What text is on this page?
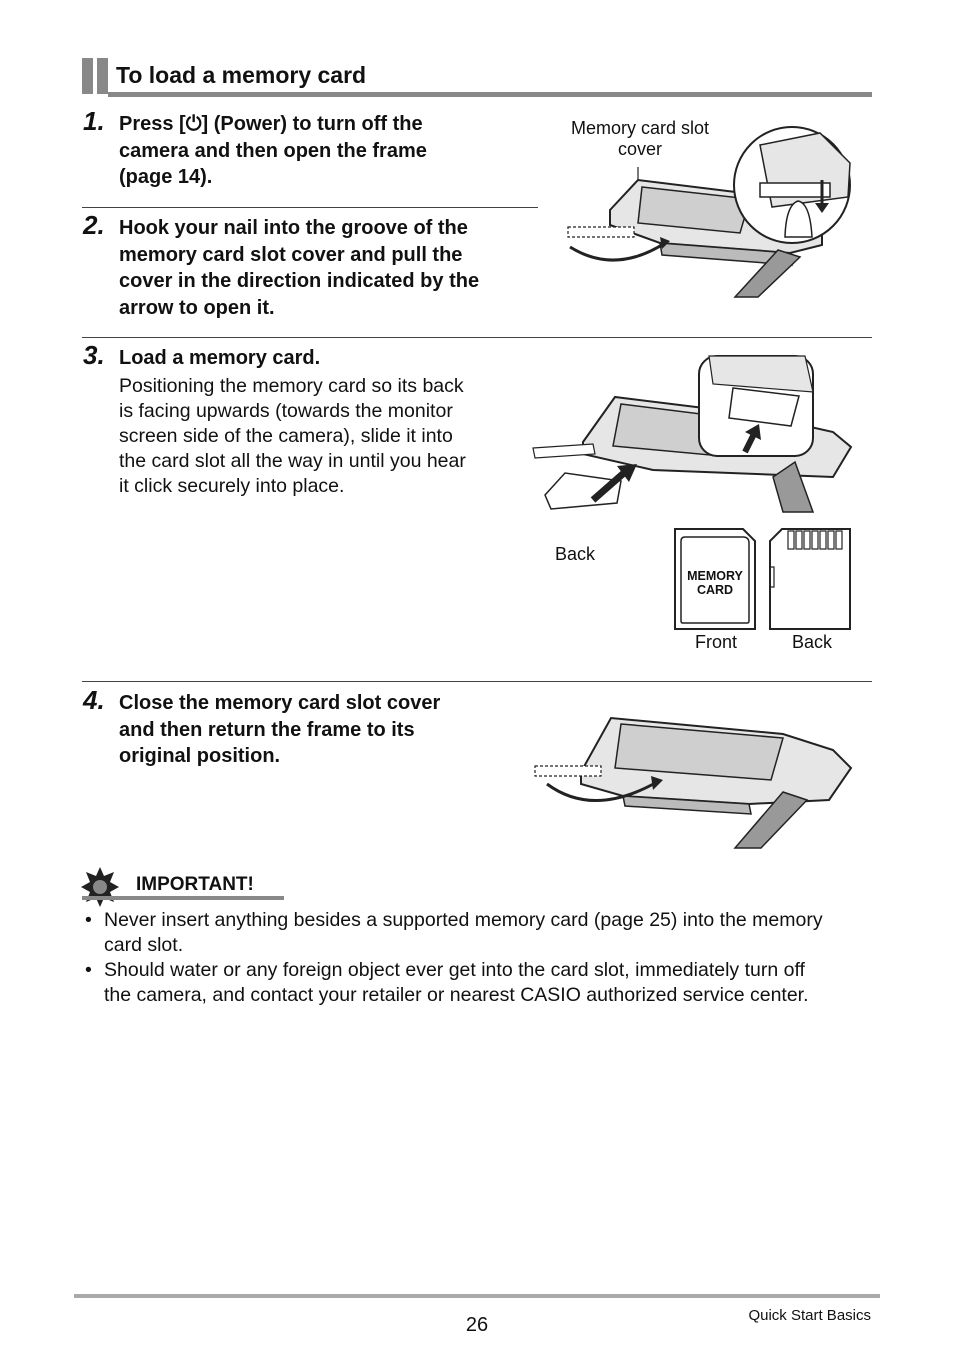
To load a memory card
1. Press [⏻] (Power) to turn off the
camera and then open the frame
(page 14).
2. Hook your nail into the groove of the
memory card slot cover and pull the
cover in the direction indicated by the
arrow to open it.
Memory card slot
cover
3. Load a memory card.
Positioning the memory card so its back
is facing upwards (towards the monitor
screen side of the camera), slide it into
the card slot all the way in until you hear
it click securely into place.
Back
MEMORY
CARD
Front	Back
4. Close the memory card slot cover
and then return the frame to its
original position.
IMPORTANT!
• Never insert anything besides a supported memory card (page 25) into the memory
card slot.
• Should water or any foreign object ever get into the card slot, immediately turn off
the camera, and contact your retailer or nearest CASIO authorized service center.
26	Quick Start Basics
